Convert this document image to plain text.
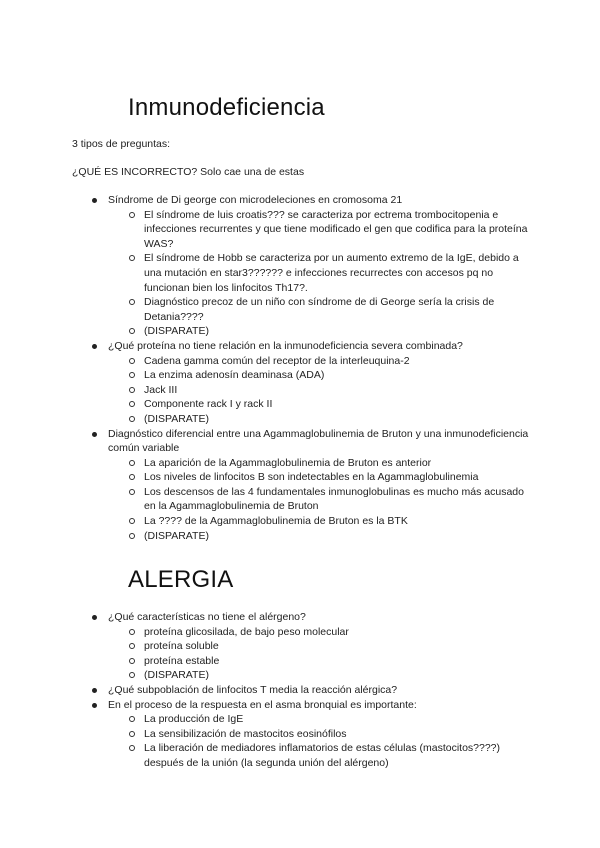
Inmunodeficiencia

3 tipos de preguntas:

¿QUÉ ES INCORRECTO? Solo cae una de estas

Síndrome de Di george con microdeleciones en cromosoma 21
El síndrome de luis croatis??? se caracteriza por ectrema trombocitopenia e infecciones recurrentes y que tiene modificado el gen que codifica para la proteína WAS?
El síndrome de Hobb se caracteriza por un aumento extremo de la IgE, debido a una mutación en star3?????? e infecciones recurrectes con accesos pq no funcionan bien los linfocitos Th17?.
Diagnóstico precoz de un niño con síndrome de di George sería la crisis de Detania????
(DISPARATE)
¿Qué proteína no tiene relación en la inmunodeficiencia severa combinada?
Cadena gamma común del receptor de la interleuquina-2
La enzima adenosín deaminasa (ADA)
Jack III
Componente rack I y rack II
(DISPARATE)
Diagnóstico diferencial entre una Agammaglobulinemia de Bruton y una inmunodeficiencia común variable
La aparición de la Agammaglobulinemia de Bruton es anterior
Los niveles de linfocitos B son indetectables en la Agammaglobulinemia
Los descensos de las 4 fundamentales inmunoglobulinas es mucho más acusado en la Agammaglobulinemia de Bruton
La ???? de la Agammaglobulinemia de Bruton es la BTK
(DISPARATE)
ALERGIA
¿Qué características no tiene el alérgeno?
proteína glicosilada, de bajo peso molecular
proteína soluble
proteína estable
(DISPARATE)
¿Qué subpoblación de linfocitos T media la reacción alérgica?
En el proceso de la respuesta en el asma bronquial es importante:
La producción de IgE
La sensibilización de mastocitos eosinófilos
La liberación de mediadores inflamatorios de estas células (mastocitos????) después de la unión (la segunda unión del alérgeno)
